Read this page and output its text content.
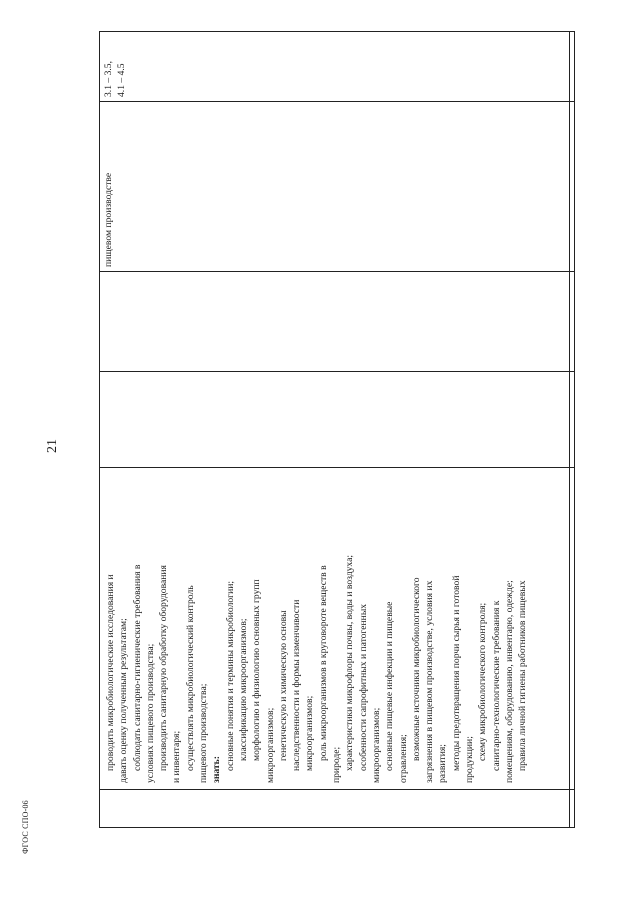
21
ФГОС СПО-06

3.1 – 3.5,
4.1 – 4.5

пищевом производстве

проводить микробиологические исследования и давать оценку полученным результатам; соблюдать санитарно-гигиенические требования в условиях пищевого производства; производить санитарную обработку оборудования и инвентаря; осуществлять микробиологический контроль пищевого производства; знать: основные понятия и термины микробиологии; классификацию микроорганизмов; морфологию и физиологию основных групп микроорганизмов; генетическую и химическую основы наследственности и формы изменчивости микроорганизмов; роль микроорганизмов в круговороте веществ в

природе; характеристики микрофлоры почвы, воды и воздуха; особенности сапрофитных и патогенных микроорганизмов; основные пищевые инфекции и пищевые отравления; возможные источники микробиологического загрязнения в пищевом производстве, условия их развития; методы предотвращения порчи сырья и готовой продукции; схему микробиологического контроля; санитарно-технологические требования к помещениям, оборудованию, инвентарю, одежде; правила личной гигиены работников пищевых
